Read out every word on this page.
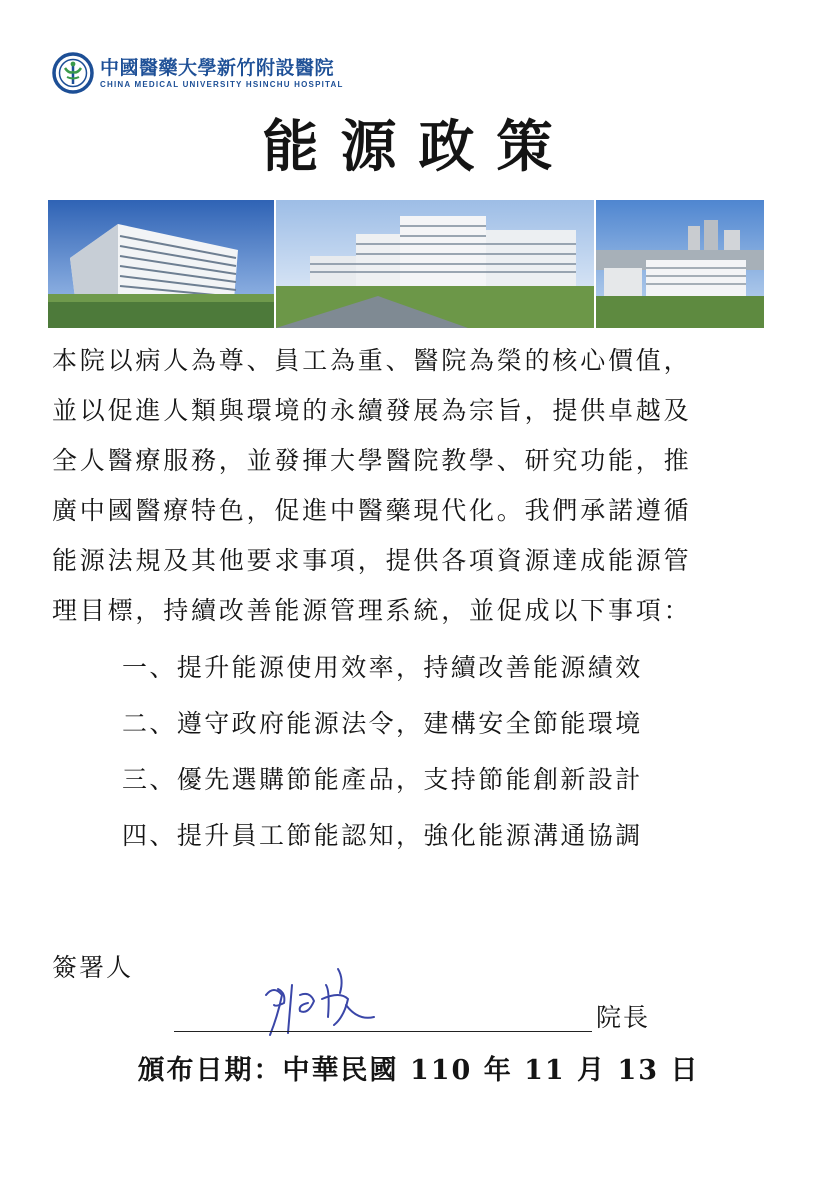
中國醫藥大學新竹附設醫院
CHINA MEDICAL UNIVERSITY HSINCHU HOSPITAL
能源政策
本院以病人為尊、員工為重、醫院為榮的核心價值，
並以促進人類與環境的永續發展為宗旨，提供卓越及
全人醫療服務，並發揮大學醫院教學、研究功能，推
廣中國醫療特色，促進中醫藥現代化。我們承諾遵循
能源法規及其他要求事項，提供各項資源達成能源管
理目標，持續改善能源管理系統，並促成以下事項：
一、提升能源使用效率，持續改善能源績效
二、遵守政府能源法令，建構安全節能環境
三、優先選購節能產品，支持節能創新設計
四、提升員工節能認知，強化能源溝通協調
簽署人
院長
頒布日期：中華民國 110 年 11 月 13 日
